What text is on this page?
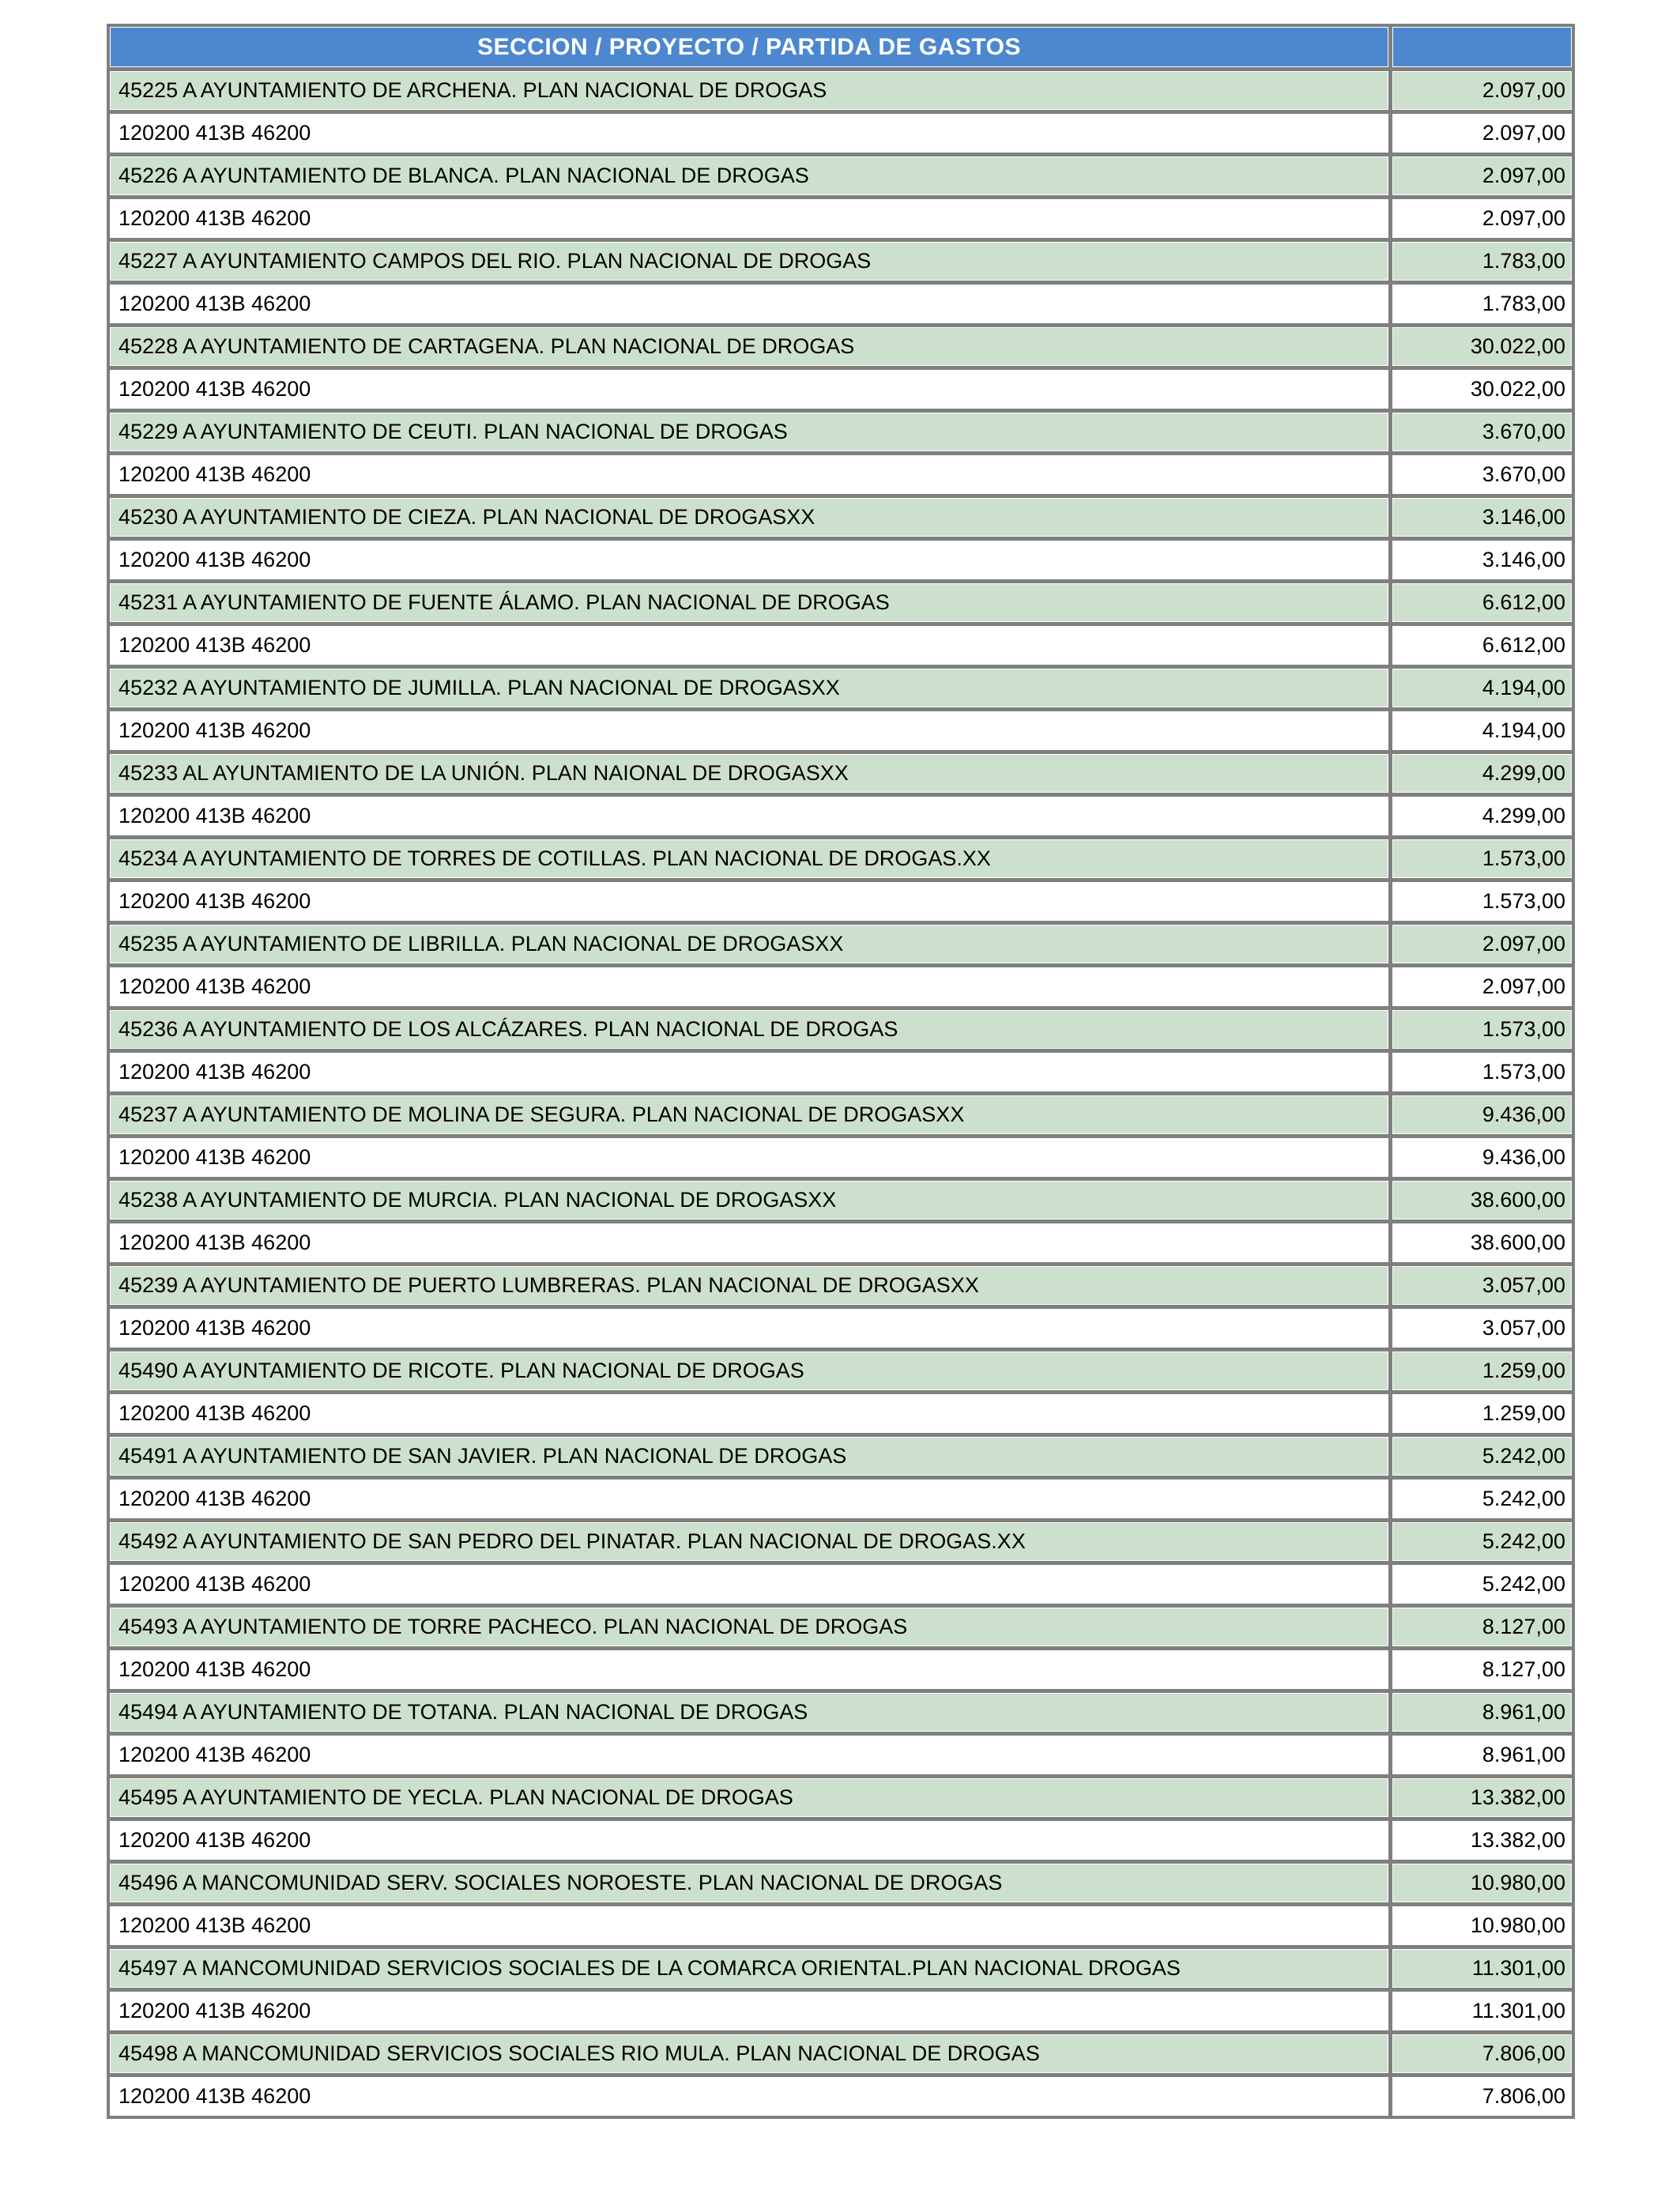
SECCION / PROYECTO / PARTIDA DE GASTOS	
45225 A AYUNTAMIENTO DE ARCHENA. PLAN NACIONAL DE DROGAS	2.097,00
120200 413B 46200	2.097,00
45226 A AYUNTAMIENTO DE BLANCA. PLAN NACIONAL DE DROGAS	2.097,00
120200 413B 46200	2.097,00
45227 A AYUNTAMIENTO CAMPOS DEL RIO. PLAN NACIONAL DE DROGAS	1.783,00
120200 413B 46200	1.783,00
45228 A AYUNTAMIENTO DE CARTAGENA. PLAN NACIONAL DE DROGAS	30.022,00
120200 413B 46200	30.022,00
45229 A AYUNTAMIENTO DE CEUTI. PLAN NACIONAL DE DROGAS	3.670,00
120200 413B 46200	3.670,00
45230 A AYUNTAMIENTO DE CIEZA. PLAN NACIONAL DE DROGASXX	3.146,00
120200 413B 46200	3.146,00
45231 A AYUNTAMIENTO DE FUENTE ÁLAMO. PLAN NACIONAL DE DROGAS	6.612,00
120200 413B 46200	6.612,00
45232 A AYUNTAMIENTO DE JUMILLA. PLAN NACIONAL DE DROGASXX	4.194,00
120200 413B 46200	4.194,00
45233 AL AYUNTAMIENTO DE LA UNIÓN. PLAN NAIONAL DE DROGASXX	4.299,00
120200 413B 46200	4.299,00
45234 A AYUNTAMIENTO DE TORRES DE COTILLAS. PLAN NACIONAL DE DROGAS.XX	1.573,00
120200 413B 46200	1.573,00
45235 A AYUNTAMIENTO DE LIBRILLA. PLAN NACIONAL DE DROGASXX	2.097,00
120200 413B 46200	2.097,00
45236 A AYUNTAMIENTO DE LOS ALCÁZARES. PLAN NACIONAL DE DROGAS	1.573,00
120200 413B 46200	1.573,00
45237 A AYUNTAMIENTO DE MOLINA DE SEGURA. PLAN NACIONAL DE DROGASXX	9.436,00
120200 413B 46200	9.436,00
45238 A AYUNTAMIENTO DE MURCIA. PLAN NACIONAL DE DROGASXX	38.600,00
120200 413B 46200	38.600,00
45239 A AYUNTAMIENTO DE PUERTO LUMBRERAS. PLAN NACIONAL DE DROGASXX	3.057,00
120200 413B 46200	3.057,00
45490 A AYUNTAMIENTO DE RICOTE. PLAN NACIONAL DE DROGAS	1.259,00
120200 413B 46200	1.259,00
45491 A AYUNTAMIENTO DE SAN JAVIER. PLAN NACIONAL DE DROGAS	5.242,00
120200 413B 46200	5.242,00
45492 A AYUNTAMIENTO DE SAN PEDRO DEL PINATAR. PLAN NACIONAL DE DROGAS.XX	5.242,00
120200 413B 46200	5.242,00
45493 A AYUNTAMIENTO DE TORRE PACHECO. PLAN NACIONAL DE DROGAS	8.127,00
120200 413B 46200	8.127,00
45494 A AYUNTAMIENTO DE TOTANA. PLAN NACIONAL DE DROGAS	8.961,00
120200 413B 46200	8.961,00
45495 A AYUNTAMIENTO DE YECLA. PLAN NACIONAL DE DROGAS	13.382,00
120200 413B 46200	13.382,00
45496 A MANCOMUNIDAD SERV. SOCIALES NOROESTE. PLAN NACIONAL DE DROGAS	10.980,00
120200 413B 46200	10.980,00
45497 A MANCOMUNIDAD SERVICIOS SOCIALES DE LA COMARCA ORIENTAL.PLAN NACIONAL DROGAS	11.301,00
120200 413B 46200	11.301,00
45498 A MANCOMUNIDAD SERVICIOS SOCIALES RIO MULA. PLAN NACIONAL DE DROGAS	7.806,00
120200 413B 46200	7.806,00
